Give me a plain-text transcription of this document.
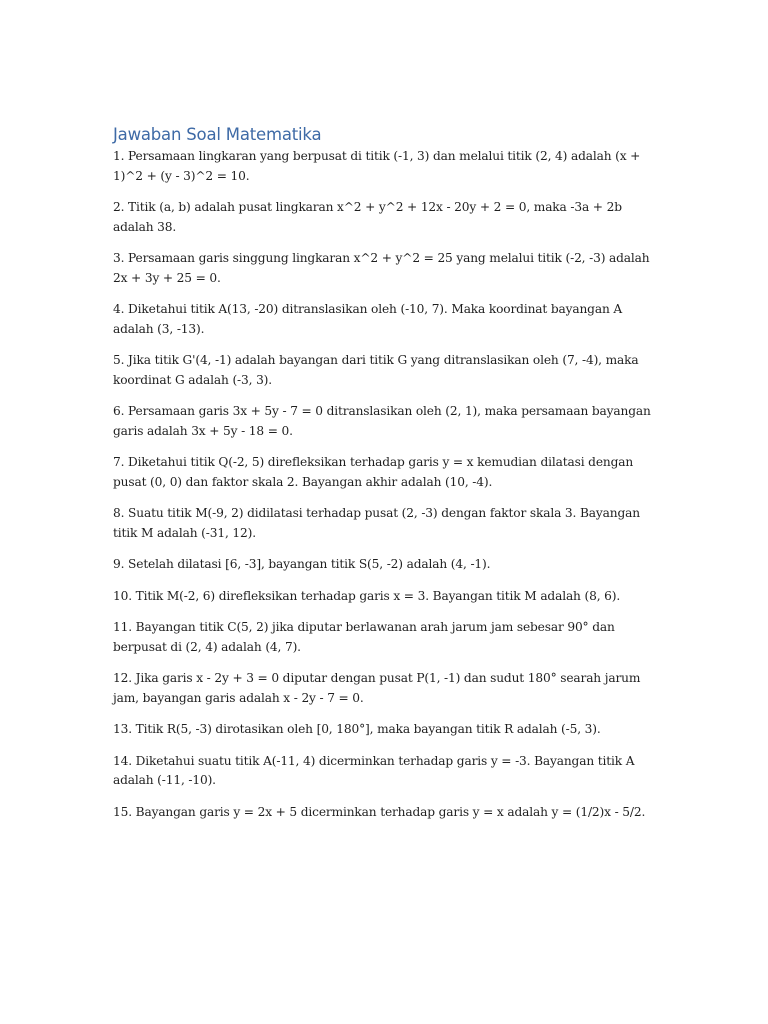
Jawaban Soal Matematika
1. Persamaan lingkaran yang berpusat di titik (-1, 3) dan melalui titik (2, 4) adalah (x + 1)^2 + (y - 3)^2 = 10.
2. Titik (a, b) adalah pusat lingkaran x^2 + y^2 + 12x - 20y + 2 = 0, maka -3a + 2b adalah 38.
3. Persamaan garis singgung lingkaran x^2 + y^2 = 25 yang melalui titik (-2, -3) adalah 2x + 3y + 25 = 0.
4. Diketahui titik A(13, -20) ditranslasikan oleh (-10, 7). Maka koordinat bayangan A adalah (3, -13).
5. Jika titik G'(4, -1) adalah bayangan dari titik G yang ditranslasikan oleh (7, -4), maka koordinat G adalah (-3, 3).
6. Persamaan garis 3x + 5y - 7 = 0 ditranslasikan oleh (2, 1), maka persamaan bayangan garis adalah 3x + 5y - 18 = 0.
7. Diketahui titik Q(-2, 5) direfleksikan terhadap garis y = x kemudian dilatasi dengan pusat (0, 0) dan faktor skala 2. Bayangan akhir adalah (10, -4).
8. Suatu titik M(-9, 2) didilatasi terhadap pusat (2, -3) dengan faktor skala 3. Bayangan titik M adalah (-31, 12).
9. Setelah dilatasi [6, -3], bayangan titik S(5, -2) adalah (4, -1).
10. Titik M(-2, 6) direfleksikan terhadap garis x = 3. Bayangan titik M adalah (8, 6).
11. Bayangan titik C(5, 2) jika diputar berlawanan arah jarum jam sebesar 90° dan berpusat di (2, 4) adalah (4, 7).
12. Jika garis x - 2y + 3 = 0 diputar dengan pusat P(1, -1) dan sudut 180° searah jarum jam, bayangan garis adalah x - 2y - 7 = 0.
13. Titik R(5, -3) dirotasikan oleh [0, 180°], maka bayangan titik R adalah (-5, 3).
14. Diketahui suatu titik A(-11, 4) dicerminkan terhadap garis y = -3. Bayangan titik A adalah (-11, -10).
15. Bayangan garis y = 2x + 5 dicerminkan terhadap garis y = x adalah y = (1/2)x - 5/2.
